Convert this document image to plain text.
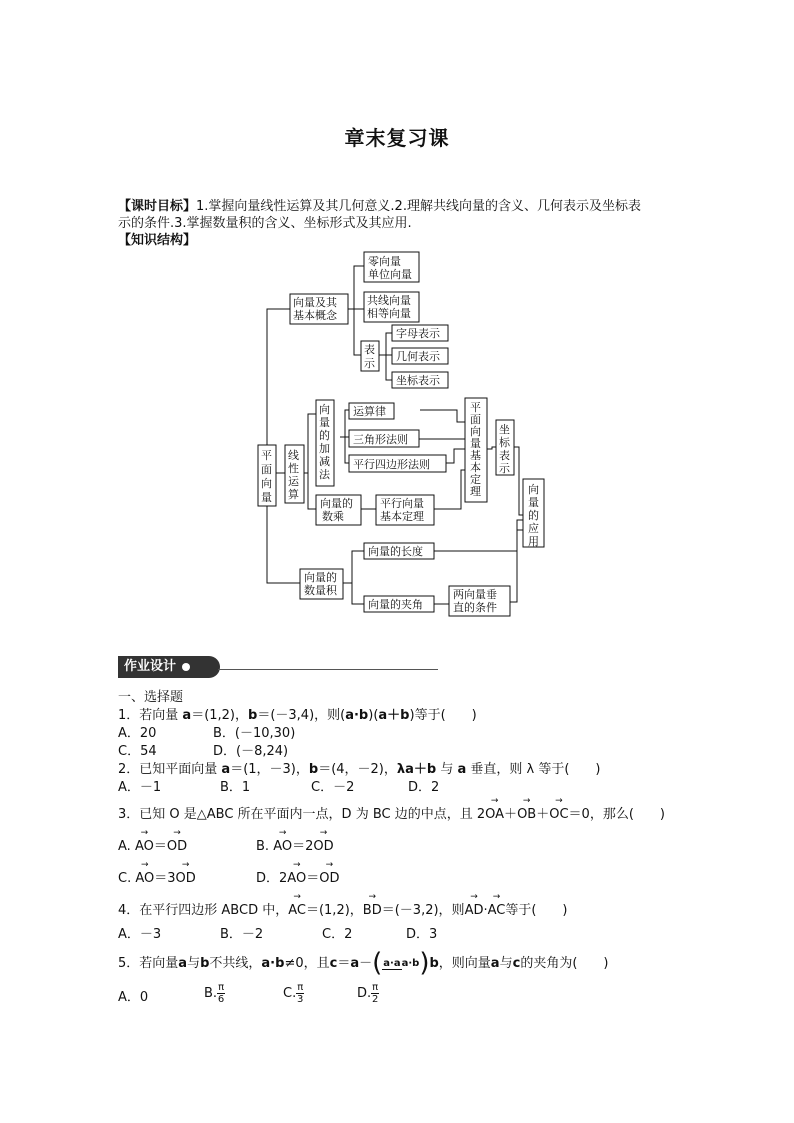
章末复习课
【课时目标】1.掌握向量线性运算及其几何意义.2.理解共线向量的含义、几何表示及坐标表
示的条件.3.掌握数量积的含义、坐标形式及其应用.
【知识结构】
零向量
单位向量
向量及其
基本概念
共线向量
相等向量
表
示
字母表示
几何表示
坐标表示
平
面
向
量
线
性
运
算
向
量
的
加
减
法
运算律
三角形法则
平行四边形法则
向量的
数乘
平行向量
基本定理
平
面
向
量
基
本
定
理
坐
标
表
示
向
量
的
应
用
向量的
数量积
向量的长度
向量的夹角
两向量垂
直的条件
作业设计
一、选择题
1．若向量 a＝(1,2)，b＝(－3,4)，则(a·b)(a＋b)等于(　　)
A．20	B．(－10,30)
C．54	D．(－8,24)
2．已知平面向量 a＝(1，－3)，b＝(4，－2)，λa＋b 与 a 垂直，则 λ 等于(　　)
A．－1	B．1	C．－2	D．2
3．已知 O 是△ABC 所在平面内一点，D 为 BC 边的中点，且 2→ OA＋→ OB＋→ OC＝0，那么(　　)
A. → AO＝→ OD	B. → AO＝2→ OD
C. → AO＝3→ OD	D．2→ AO＝→ OD
4．在平行四边形 ABCD 中，→ AC＝(1,2)，→ BD＝(－3,2)，则→ AD·→ AC等于(　　)
A．－3	B．－2	C．2	D．3
5．若向量 a 与 b 不共线， a·b ≠0，且 c ＝ a － ( a·aa·b ) b ，则向量 a 与 c 的夹角为(　　)
A．0	B. $\frac{\pi}{6}$	C. $\frac{\pi}{3}$	D. $\frac{\pi}{2}$
